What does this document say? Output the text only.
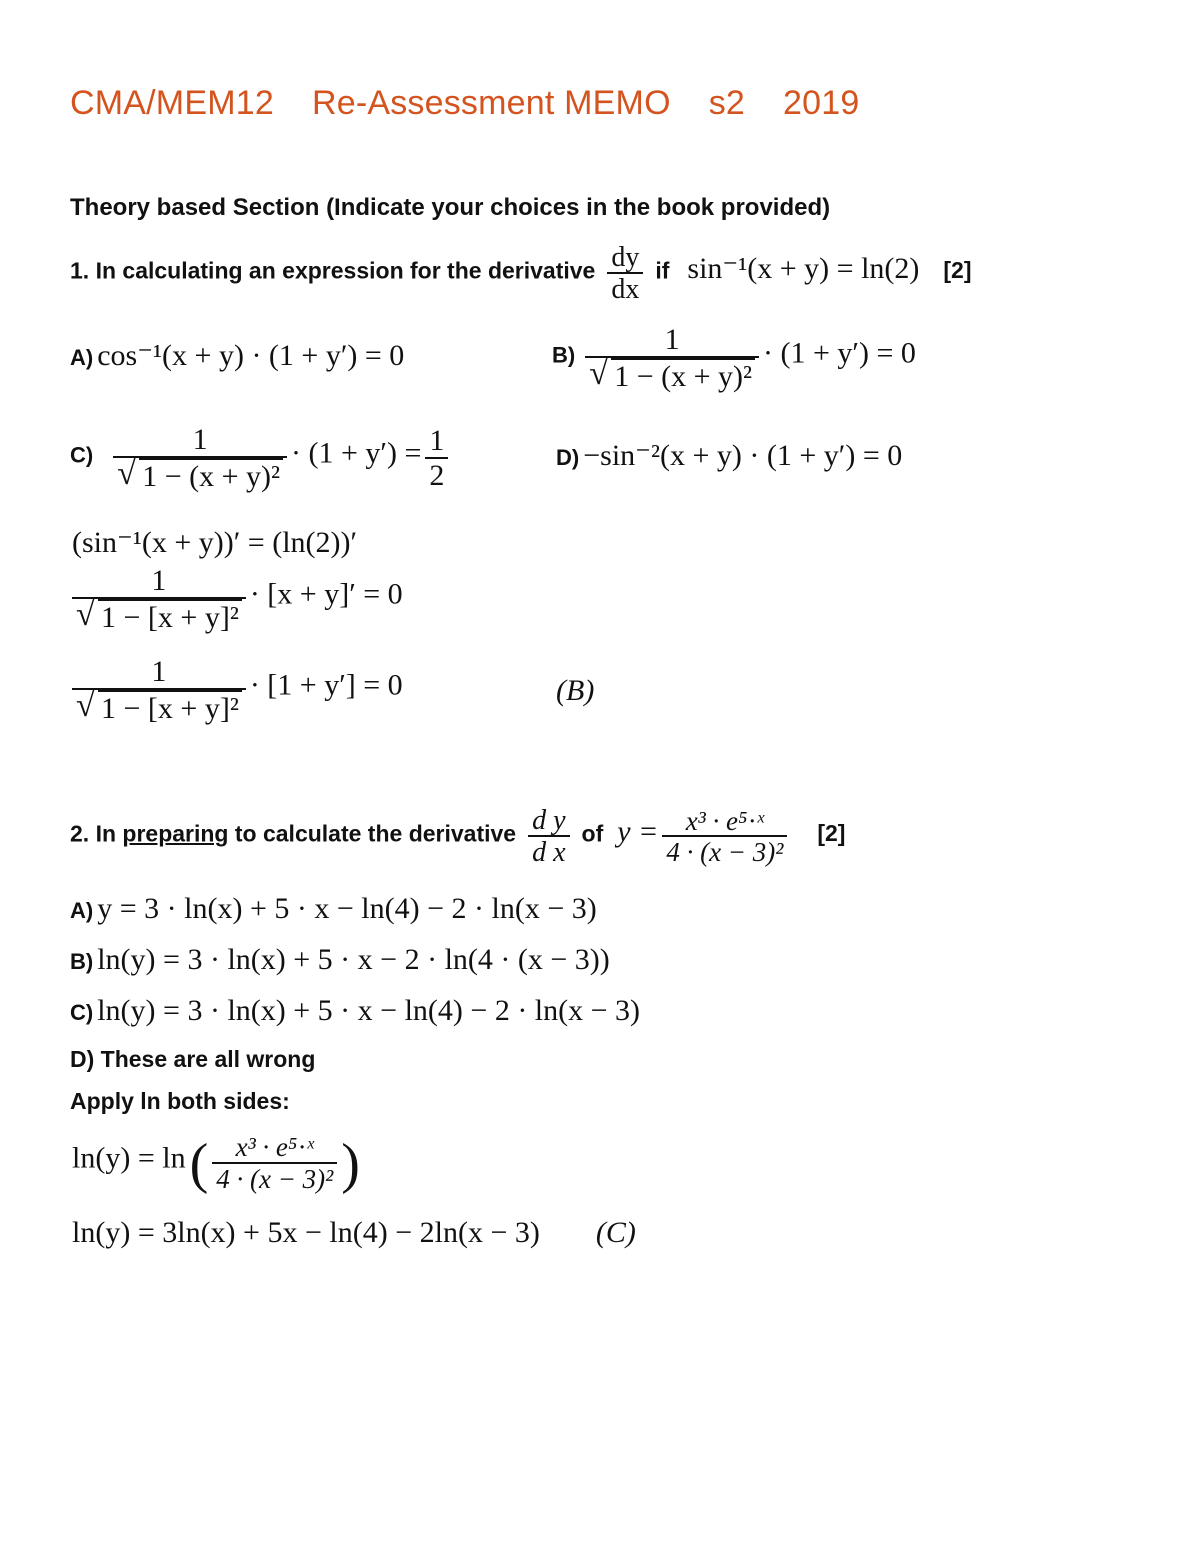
CMA/MEM12 Re-Assessment MEMO s2 2019
Theory based Section (Indicate your choices in the book provided)
1. In calculating an expression for the derivative $\frac{dy}{dx}$ if sin⁻¹(x + y) = ln(2) [2]
A) cos⁻¹(x + y) · (1 + y′) = 0	B) 1
√ 1 − (x + y)² · (1 + y′) = 0
C) 1
√ $1 - (x + y)^2 \cdot (1 + y') = \frac{1}{2}$	D) −sin⁻²(x + y) · (1 + y′) = 0
(sin⁻¹(x + y))′ = (ln(2))′
1
√ 1 − [x + y]² · [x + y]′ = 0
1
√ 1 − [x + y]² · [1 + y′] = 0	(B)
2. In preparing to calculate the derivative $\frac{\text{d y}}{\text{d x}}$ of $y = \frac{\text{x³ · e⁵·ˣ}}{\text{4 · (x − 3)²}} [2]$
A) y = 3 · ln(x) + 5 · x − ln(4) − 2 · ln(x − 3)
B) ln(y) = 3 · ln(x) + 5 · x − 2 · ln(4 · (x − 3))
C) ln(y) = 3 · ln(x) + 5 · x − ln(4) − 2 · ln(x − 3)
D) These are all wrong
Apply ln both sides:
ln(y) = ln ( $\frac{\text{x³ · e⁵·ˣ}}{\text{4 · (x − 3)²}}$ )
ln(y) = 3ln(x) + 5x − ln(4) − 2ln(x − 3) (C)
